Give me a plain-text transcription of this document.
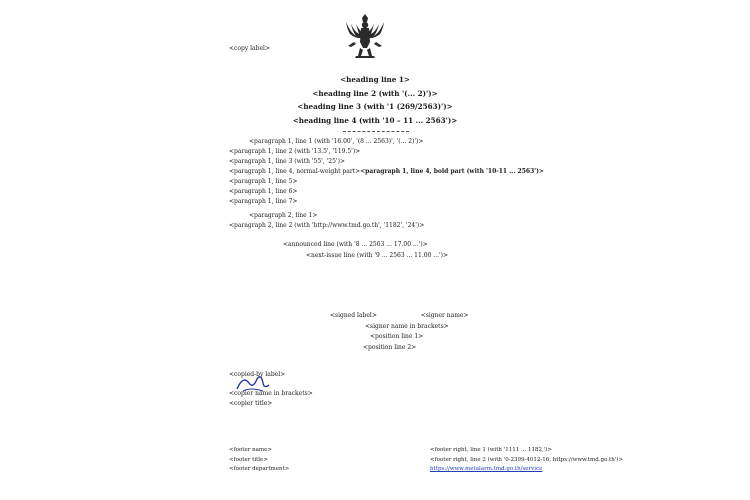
<copy label>
<heading line 1>
<heading line 2 (with '(... 2)')>
<heading line 3 (with '1 (269/2563)')>
<heading line 4 (with '10 – 11 ... 2563')>

<paragraph 1, line 1 (with '16.00', '(8 ... 2563)', '(... 2)')>

<paragraph 1, line 2 (with '13.5', '119.5')>

<paragraph 1, line 3 (with '55', '25')>

<paragraph 1, line 4, normal-weight part><paragraph 1, line 4, bold part (with '10-11 ... 2563')>

<paragraph 1, line 5>

<paragraph 1, line 6>

<paragraph 1, line 7>

<paragraph 2, line 1>

<paragraph 2, line 2 (with 'http://www.tmd.go.th', '1182', '24')>

<announced line (with '8 ... 2563 ... 17.00 ...')>
<next-issue line (with '9 ... 2563 ... 11.00 ...')>
<signed label>	<signer name>
<signer name in brackets>
<position line 1>
<position line 2>
<copied-by label>
<copier name in brackets>
<copier title>
<footer name>
<footer title>
<footer department>
<footer right, line 1 (with '1111 ... 1182,')>
<footer right, line 2 (with '0-2399-4012-16, https://www.tmd.go.th')>
https://www.metalarm.tmd.go.th/service
